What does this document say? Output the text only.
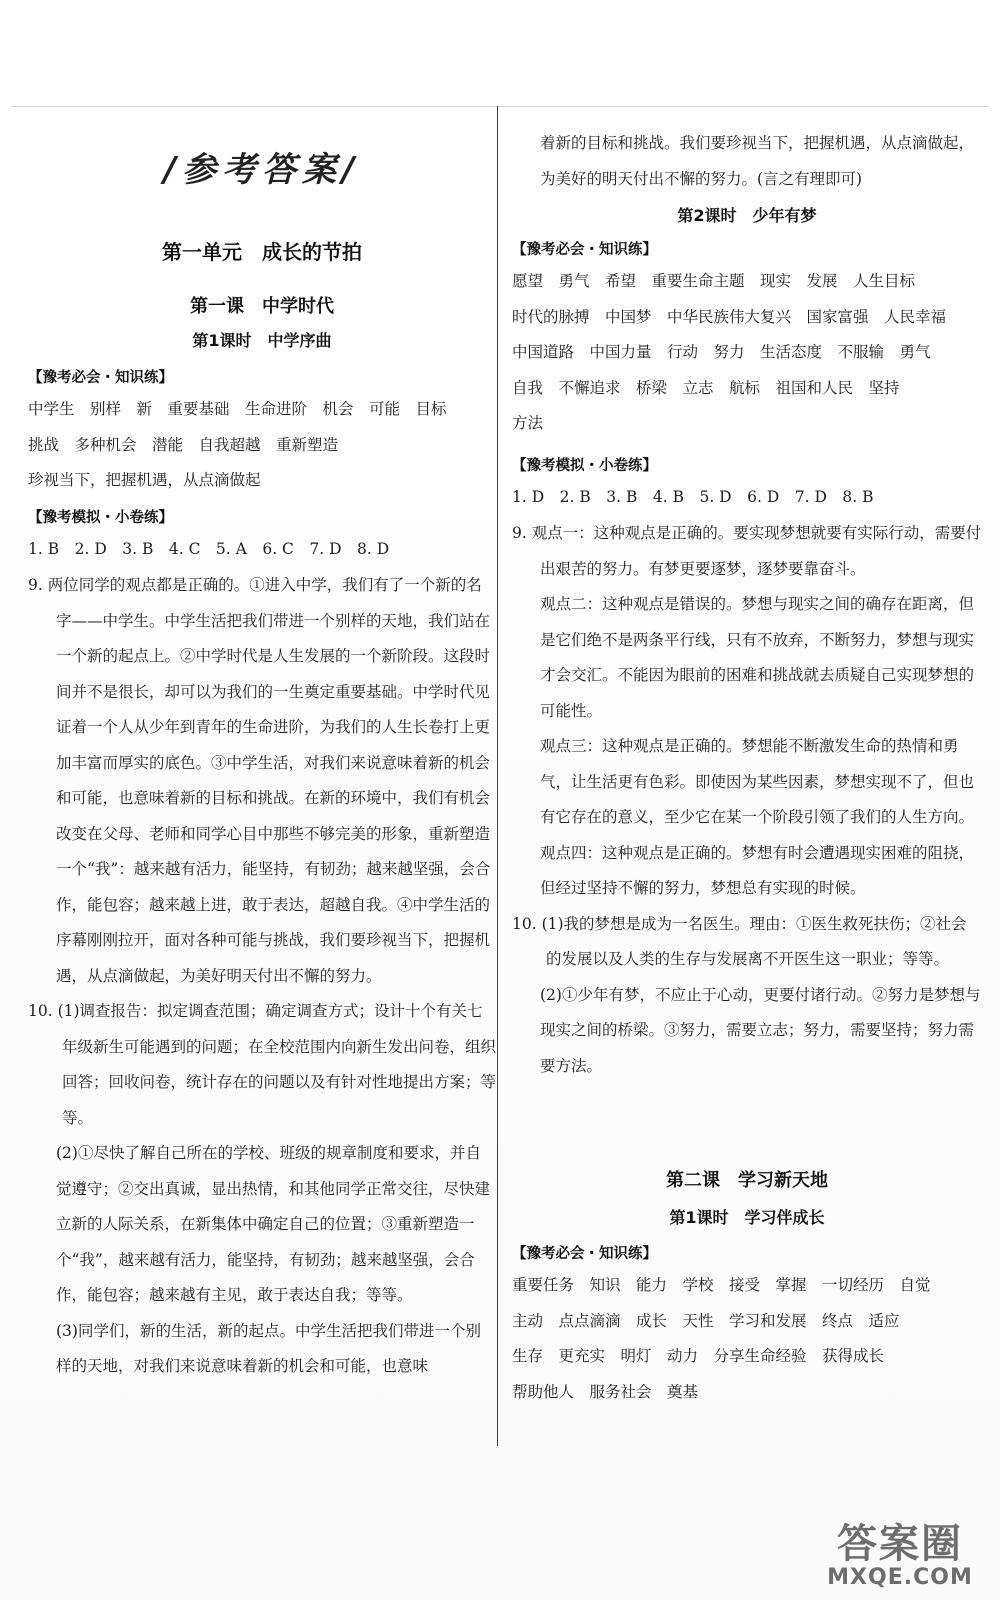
/参考答案/
第一单元　成长的节拍
第一课　中学时代
第1课时　中学序曲
【豫考必会・知识练】
中学生　别样　新　重要基础　生命进阶　机会　可能　目标
挑战　多种机会　潜能　自我超越　重新塑造
珍视当下，把握机遇，从点滴做起
【豫考模拟・小卷练】
1. B　2. D　3. B　4. C　5. A　6. C　7. D　8. D
9. 两位同学的观点都是正确的。①进入中学，我们有了一个新的名字——中学生。中学生活把我们带进一个别样的天地，我们站在一个新的起点上。②中学时代是人生发展的一个新阶段。这段时间并不是很长，却可以为我们的一生奠定重要基础。中学时代见证着一个人从少年到青年的生命进阶，为我们的人生长卷打上更加丰富而厚实的底色。③中学生活，对我们来说意味着新的机会和可能，也意味着新的目标和挑战。在新的环境中，我们有机会改变在父母、老师和同学心目中那些不够完美的形象，重新塑造一个“我”：越来越有活力，能坚持，有韧劲；越来越坚强，会合作，能包容；越来越上进，敢于表达，超越自我。④中学生活的序幕刚刚拉开，面对各种可能与挑战，我们要珍视当下，把握机遇，从点滴做起，为美好明天付出不懈的努力。
10. (1)调查报告：拟定调查范围；确定调查方式；设计十个有关七年级新生可能遇到的问题；在全校范围内向新生发出问卷，组织回答；回收问卷，统计存在的问题以及有针对性地提出方案；等等。
(2)①尽快了解自己所在的学校、班级的规章制度和要求，并自觉遵守；②交出真诚，显出热情，和其他同学正常交往，尽快建立新的人际关系，在新集体中确定自己的位置；③重新塑造一个“我”，越来越有活力，能坚持，有韧劲；越来越坚强，会合作，能包容；越来越有主见，敢于表达自我；等等。
(3)同学们，新的生活，新的起点。中学生活把我们带进一个别样的天地，对我们来说意味着新的机会和可能，也意味
着新的目标和挑战。我们要珍视当下，把握机遇，从点滴做起，为美好的明天付出不懈的努力。(言之有理即可)
第2课时　少年有梦
【豫考必会・知识练】
愿望　勇气　希望　重要生命主题　现实　发展　人生目标
时代的脉搏　中国梦　中华民族伟大复兴　国家富强　人民幸福
中国道路　中国力量　行动　努力　生活态度　不服输　勇气
自我　不懈追求　桥梁　立志　航标　祖国和人民　坚持
方法
【豫考模拟・小卷练】
1. D　2. B　3. B　4. B　5. D　6. D　7. D　8. B
9. 观点一：这种观点是正确的。要实现梦想就要有实际行动，需要付出艰苦的努力。有梦更要逐梦，逐梦要靠奋斗。
观点二：这种观点是错误的。梦想与现实之间的确存在距离，但是它们绝不是两条平行线，只有不放弃，不断努力，梦想与现实才会交汇。不能因为眼前的困难和挑战就去质疑自己实现梦想的可能性。
观点三：这种观点是正确的。梦想能不断激发生命的热情和勇气，让生活更有色彩。即使因为某些因素，梦想实现不了，但也有它存在的意义，至少它在某一个阶段引领了我们的人生方向。
观点四：这种观点是正确的。梦想有时会遭遇现实困难的阻挠，但经过坚持不懈的努力，梦想总有实现的时候。
10. (1)我的梦想是成为一名医生。理由：①医生救死扶伤；②社会的发展以及人类的生存与发展离不开医生这一职业；等等。
(2)①少年有梦，不应止于心动，更要付诸行动。②努力是梦想与现实之间的桥梁。③努力，需要立志；努力，需要坚持；努力需要方法。
第二课　学习新天地
第1课时　学习伴成长
【豫考必会・知识练】
重要任务　知识　能力　学校　接受　掌握　一切经历　自觉
主动　点点滴滴　成长　天性　学习和发展　终点　适应
生存　更充实　明灯　动力　分享生命经验　获得成长
帮助他人　服务社会　奠基
答案圈
MXQE.COM
